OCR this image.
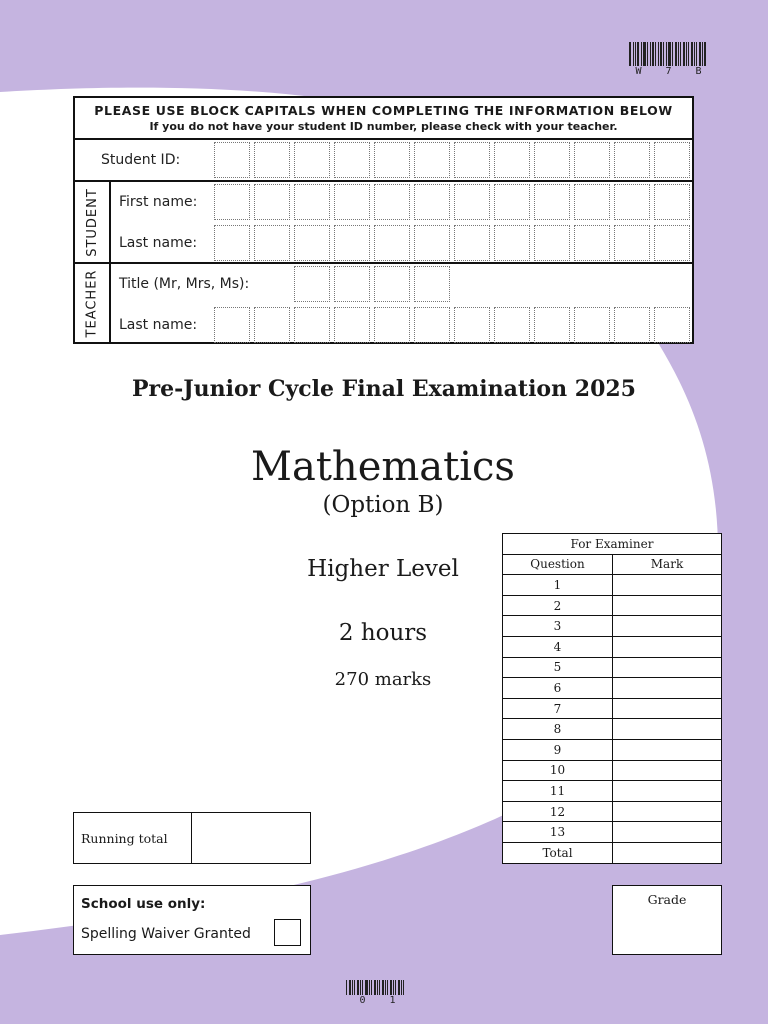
W 7 B
PLEASE USE BLOCK CAPITALS WHEN COMPLETING THE INFORMATION BELOW
If you do not have your student ID number, please check with your teacher.
Student ID:
STUDENT First name:
Last name:
TEACHER Title (Mr, Mrs, Ms):
Last name:
Pre-Junior Cycle Final Examination 2025
Mathematics
(Option B)
Higher Level
2 hours
270 marks
For Examiner	
Question	Mark
1	
2	
3	
4	
5	
6	
7	
8	
9	
10	
11	
12	
13	
Total	
Running total
School use only:
Spelling Waiver Granted
Grade
0 1
